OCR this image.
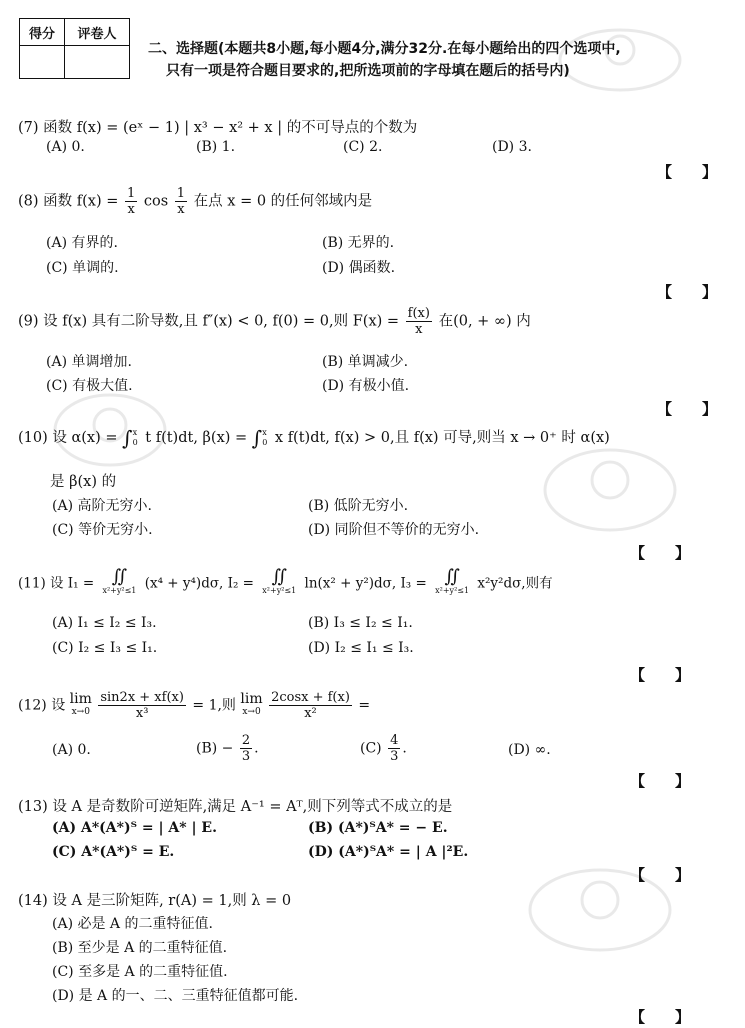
得分	评卷人

二、选择题(本题共8小题,每小题4分,满分32分.在每小题给出的四个选项中,
只有一项是符合题目要求的,把所选项前的字母填在题后的括号内)
(7) 函数 f(x) = (eˣ − 1) | x³ − x² + x | 的不可导点的个数为
(A) 0.	(B) 1.	(C) 2.	(D) 3.
【　　】
(8) 函数 $f(x) = \frac{1}{x}$ $\cos \frac{1}{x}$ 在点 x = 0 的任何邻域内是
(A) 有界的.	(B) 无界的.
(C) 单调的.	(D) 偶函数.
【　　】
(9) 设 f(x) 具有二阶导数,且 f″(x) < 0, f(0) = 0,则 $F(x) = \frac{f(x)}{x}$ 在(0, + ∞) 内
(A) 单调增加.	(B) 单调减少.
(C) 有极大值.	(D) 有极小值.
【　　】
(10) 设 α(x) = ∫ x
0 t f(t)dt, β(x) = ∫ x
0 x f(t)dt, f(x) > 0,且 f(x) 可导,则当 x → 0⁺ 时 α(x)
是 β(x) 的
(A) 高阶无穷小.	(B) 低阶无穷小.
(C) 等价无穷小.	(D) 同阶但不等价的无穷小.
【　　】
(11) 设 I₁ = ∬
x²+y²≤1 (x⁴ + y⁴)dσ, I₂ = ∬
x²+y²≤1 ln(x² + y²)dσ, I₃ = ∬
x²+y²≤1 x²y²dσ,则有
(A) I₁ ≤ I₂ ≤ I₃.	(B) I₃ ≤ I₂ ≤ I₁.
(C) I₂ ≤ I₃ ≤ I₁.	(D) I₂ ≤ I₁ ≤ I₃.
【　　】
(12) 设 lim
x→0
$\frac{\sin 2x + xf(x)}{\text{x³}} = 1$,则 lim
x→0
$\frac{2\cos x + f(x)}{\text{x²}}$ =
(A) 0.	$(B) - \frac{2}{3}$ .	$(C) \frac{4}{3}$ .	(D) ∞.
【　　】
(13) 设 A 是奇数阶可逆矩阵,满足 A⁻¹ = Aᵀ,则下列等式不成立的是
(A) A*(A*)ᵀ = | A* | E.	(B) (A*)ᵀA* = − E.
(C) A*(A*)ᵀ = E.	(D) (A*)ᵀA* = | A |²E.
【　　】
(14) 设 A 是三阶矩阵, r(A) = 1,则 λ = 0
(A) 必是 A 的二重特征值.
(B) 至少是 A 的二重特征值.
(C) 至多是 A 的二重特征值.
(D) 是 A 的一、二、三重特征值都可能.
【　　】
